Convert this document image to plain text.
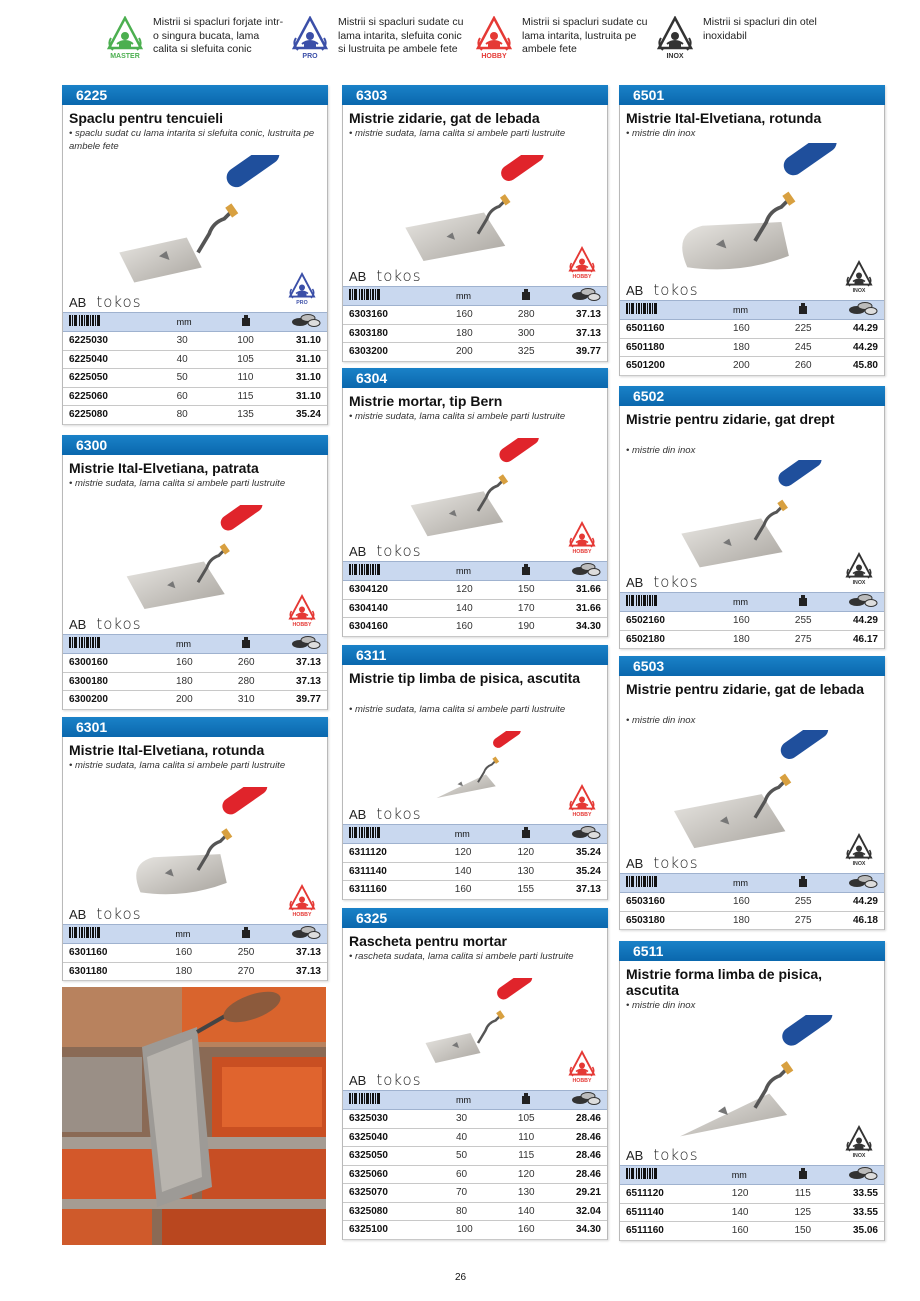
MASTER
Mistrii si spacluri forjate intr-o singura bucata, lama calita si slefuita conic
PRO
Mistrii si spacluri sudate cu lama intarita, slefuita conic si lustruita pe ambele fete
HOBBY
Mistrii si spacluri sudate cu lama intarita, lustruita pe ambele fete
INOX
Mistrii si spacluri din otel inoxidabil
6225
Spaclu pentru tencuieli
• spaclu sudat cu lama intarita si slefuita conic, lustruita pe ambele fete
AB tokos	PRO
	mm		
6225030	30	100	31.10
6225040	40	105	31.10
6225050	50	110	31.10
6225060	60	115	31.10
6225080	80	135	35.24
6300
Mistrie Ital-Elvetiana, patrata
• mistrie sudata, lama calita si ambele parti lustruite
AB tokos	HOBBY
	mm		
6300160	160	260	37.13
6300180	180	280	37.13
6300200	200	310	39.77
6301
Mistrie Ital-Elvetiana, rotunda
• mistrie sudata, lama calita si ambele parti lustruite
AB tokos	HOBBY
	mm		
6301160	160	250	37.13
6301180	180	270	37.13
6303
Mistrie zidarie, gat de lebada
• mistrie sudata, lama calita si ambele parti lustruite
AB tokos	HOBBY
	mm		
6303160	160	280	37.13
6303180	180	300	37.13
6303200	200	325	39.77
6304
Mistrie mortar, tip Bern
• mistrie sudata, lama calita si ambele parti lustruite
AB tokos	HOBBY
	mm		
6304120	120	150	31.66
6304140	140	170	31.66
6304160	160	190	34.30
6311
Mistrie tip limba de pisica, ascutita
• mistrie sudata, lama calita si ambele parti lustruite
AB tokos	HOBBY
	mm		
6311120	120	120	35.24
6311140	140	130	35.24
6311160	160	155	37.13
6325
Rascheta pentru mortar
• rascheta sudata, lama calita si ambele parti lustruite
AB tokos	HOBBY
	mm		
6325030	30	105	28.46
6325040	40	110	28.46
6325050	50	115	28.46
6325060	60	120	28.46
6325070	70	130	29.21
6325080	80	140	32.04
6325100	100	160	34.30
6501
Mistrie Ital-Elvetiana, rotunda
• mistrie din inox
AB tokos	INOX
	mm		
6501160	160	225	44.29
6501180	180	245	44.29
6501200	200	260	45.80
6502
Mistrie pentru zidarie, gat drept
• mistrie din inox
AB tokos	INOX
	mm		
6502160	160	255	44.29
6502180	180	275	46.17
6503
Mistrie pentru zidarie, gat de lebada
• mistrie din inox
AB tokos	INOX
	mm		
6503160	160	255	44.29
6503180	180	275	46.18
6511
Mistrie forma limba de pisica, ascutita
• mistrie din inox
AB tokos	INOX
	mm		
6511120	120	115	33.55
6511140	140	125	33.55
6511160	160	150	35.06
26
